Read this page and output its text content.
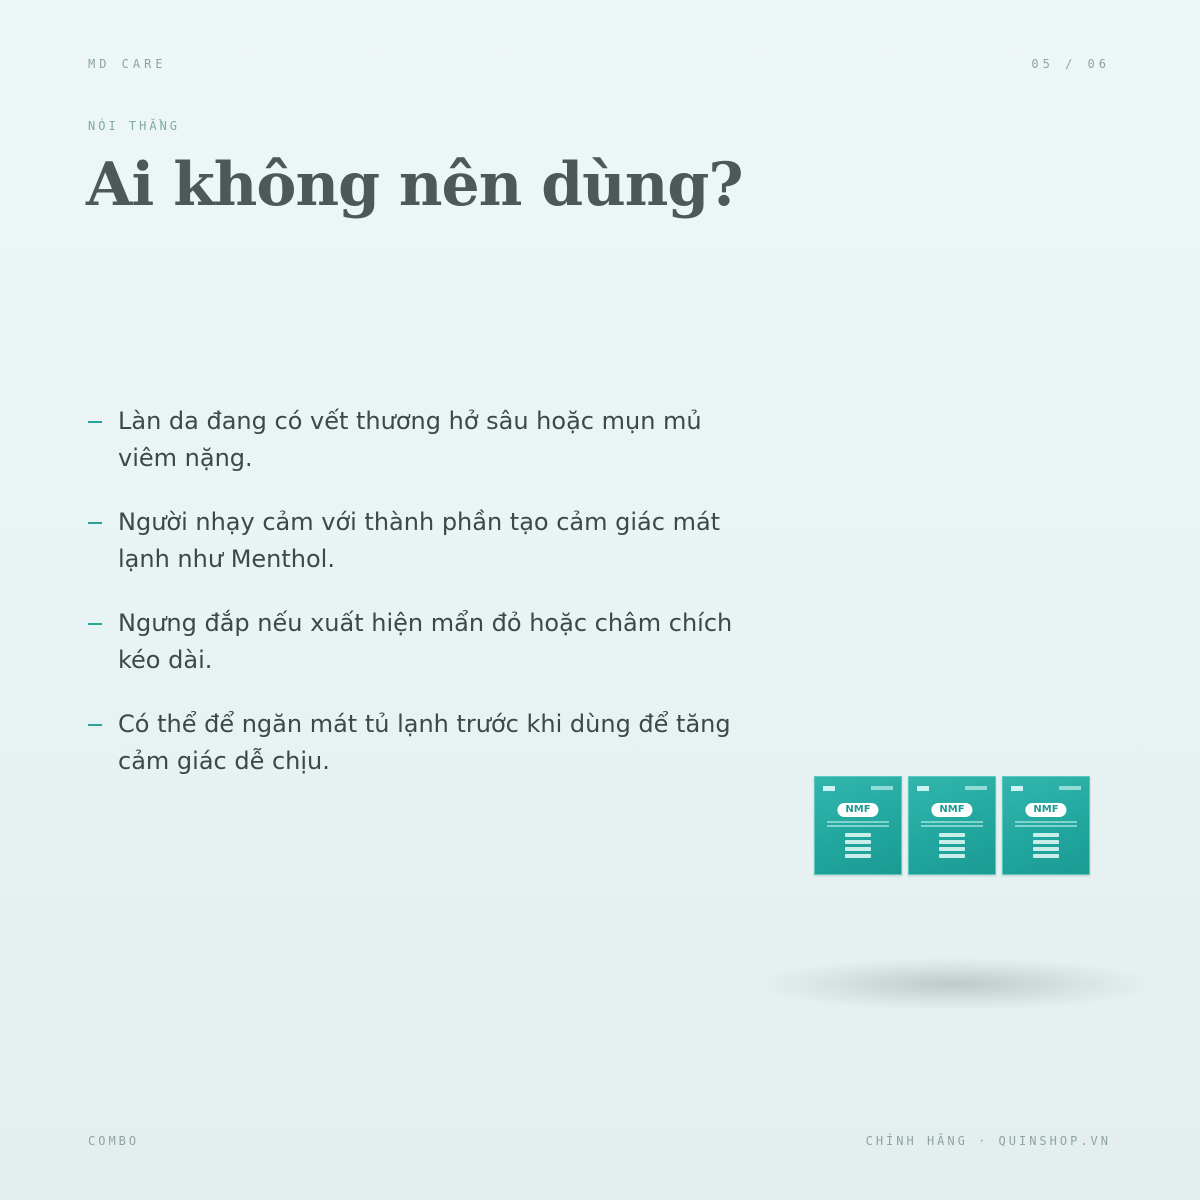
MD CARE	05 / 06
NÓI THẲNG
Ai không nên dùng?
Làn da đang có vết thương hở sâu hoặc mụn mủ viêm nặng.
Người nhạy cảm với thành phần tạo cảm giác mát lạnh như Menthol.
Ngưng đắp nếu xuất hiện mẩn đỏ hoặc châm chích kéo dài.
Có thể để ngăn mát tủ lạnh trước khi dùng để tăng cảm giác dễ chịu.
NMF	NMF	NMF
COMBO	CHÍNH HÃNG · QUINSHOP.VN
